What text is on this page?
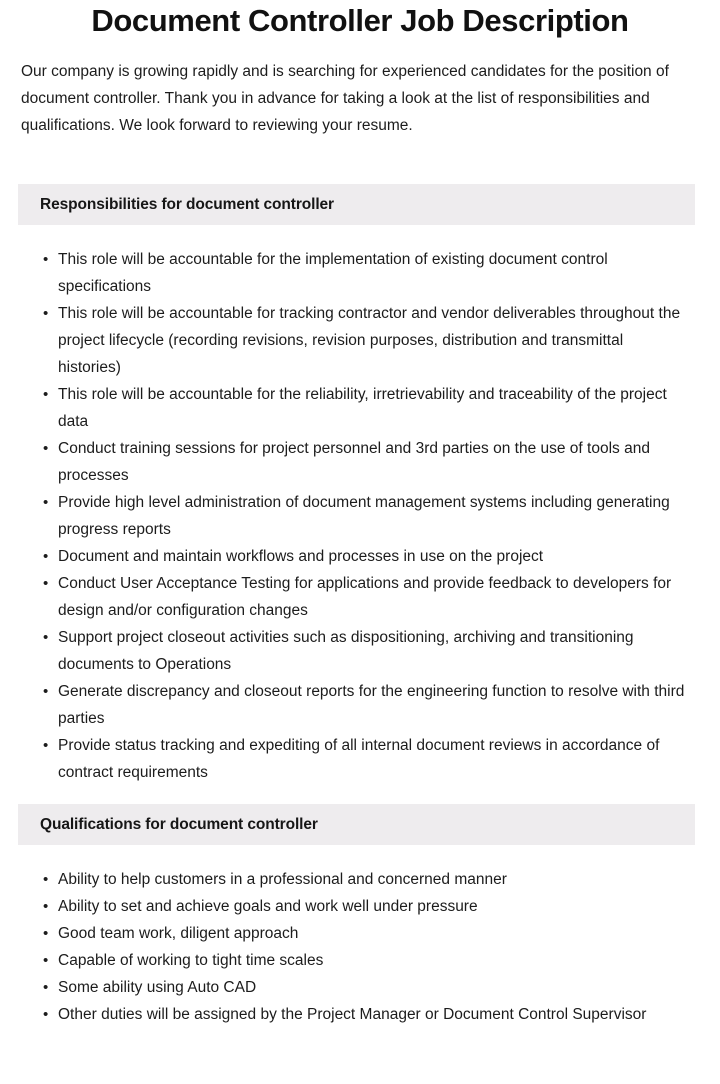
Document Controller Job Description

Our company is growing rapidly and is searching for experienced candidates for the position of document controller. Thank you in advance for taking a look at the list of responsibilities and qualifications. We look forward to reviewing your resume.

Responsibilities for document controller
• This role will be accountable for the implementation of existing document control specifications
• This role will be accountable for tracking contractor and vendor deliverables throughout the project lifecycle (recording revisions, revision purposes, distribution and transmittal histories)
• This role will be accountable for the reliability, irretrievability and traceability of the project data
• Conduct training sessions for project personnel and 3rd parties on the use of tools and processes
• Provide high level administration of document management systems including generating progress reports
• Document and maintain workflows and processes in use on the project
• Conduct User Acceptance Testing for applications and provide feedback to developers for design and/or configuration changes
• Support project closeout activities such as dispositioning, archiving and transitioning documents to Operations
• Generate discrepancy and closeout reports for the engineering function to resolve with third parties
• Provide status tracking and expediting of all internal document reviews in accordance of contract requirements
Qualifications for document controller
• Ability to help customers in a professional and concerned manner
• Ability to set and achieve goals and work well under pressure
• Good team work, diligent approach
• Capable of working to tight time scales
• Some ability using Auto CAD
• Other duties will be assigned by the Project Manager or Document Control Supervisor
